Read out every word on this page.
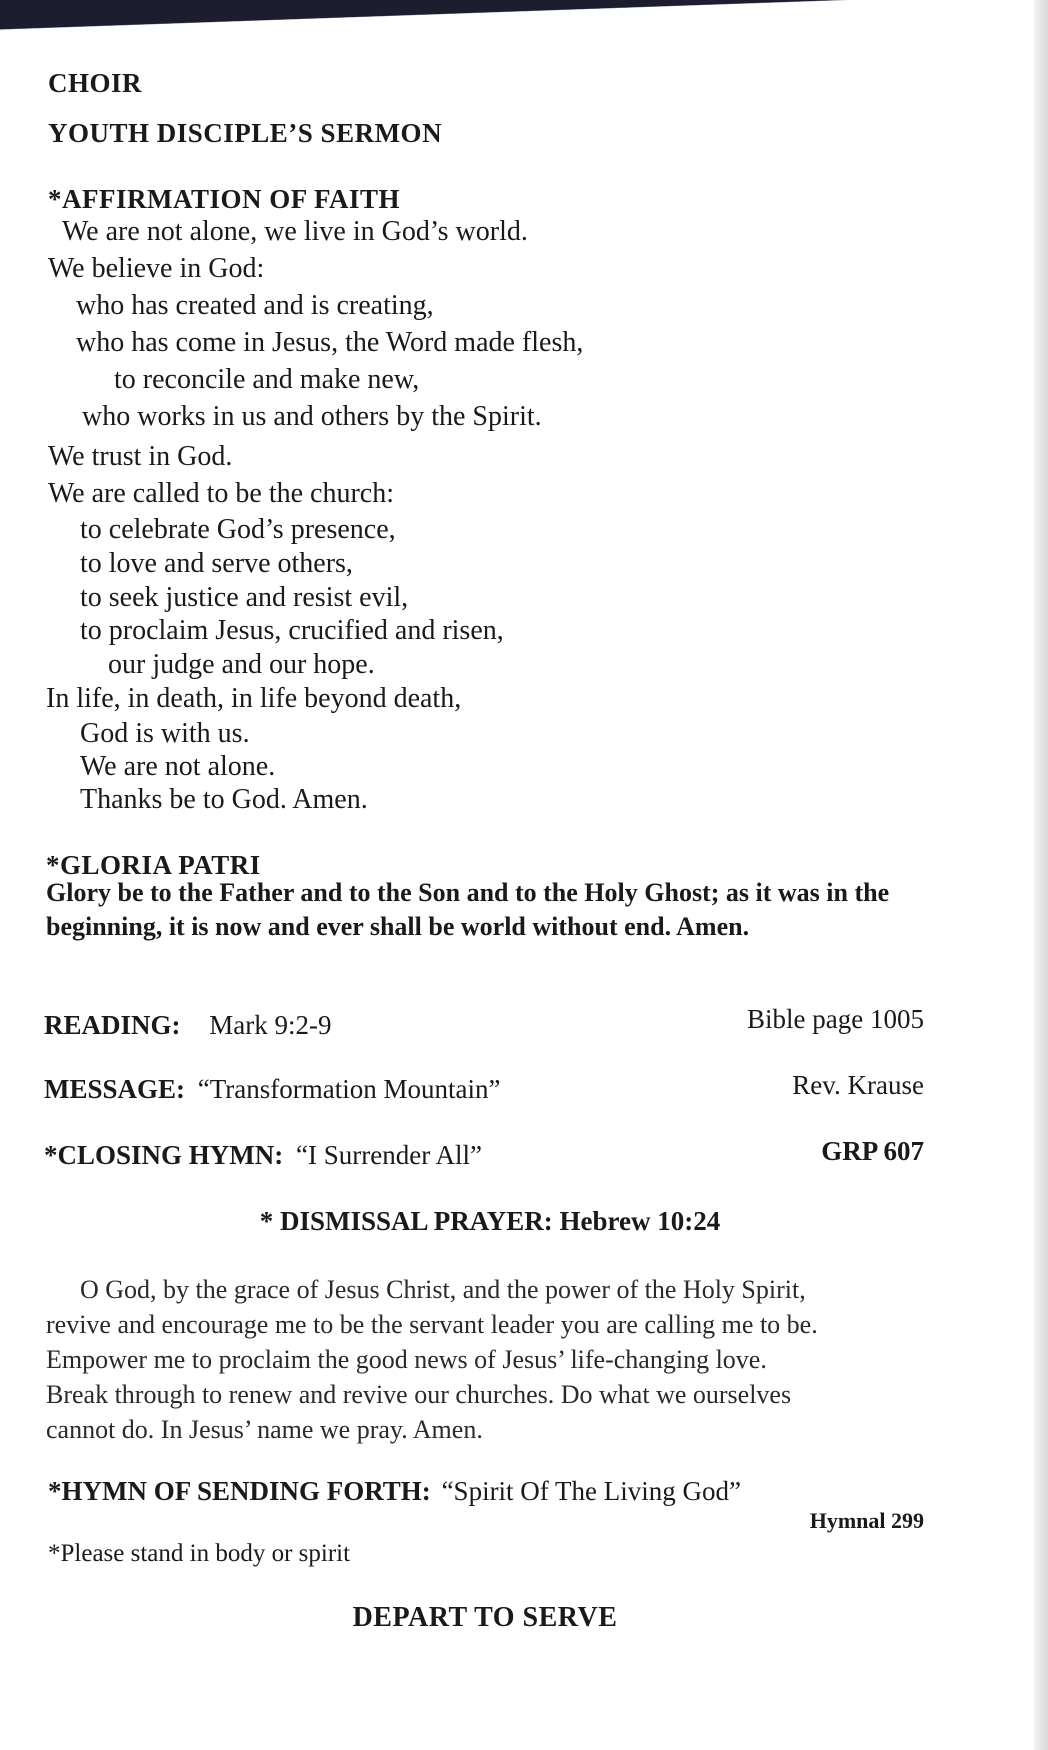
CHOIR
YOUTH DISCIPLE’S SERMON
*AFFIRMATION OF FAITH
We are not alone, we live in God’s world.
We believe in God:
who has created and is creating,
who has come in Jesus, the Word made flesh,
to reconcile and make new,
who works in us and others by the Spirit.
We trust in God.
We are called to be the church:
to celebrate God’s presence,
to love and serve others,
to seek justice and resist evil,
to proclaim Jesus, crucified and risen,
our judge and our hope.
In life, in death, in life beyond death,
God is with us.
We are not alone.
Thanks be to God. Amen.
*GLORIA PATRI
Glory be to the Father and to the Son and to the Holy Ghost; as it was in the beginning, it is now and ever shall be world without end. Amen.
READING: Mark 9:2-9	Bible page 1005
MESSAGE: “Transformation Mountain”	Rev. Krause
*CLOSING HYMN: “I Surrender All”	GRP 607
* DISMISSAL PRAYER: Hebrew 10:24
O God, by the grace of Jesus Christ, and the power of the Holy Spirit,
revive and encourage me to be the servant leader you are calling me to be.
Empower me to proclaim the good news of Jesus’ life-changing love.
Break through to renew and revive our churches. Do what we ourselves
cannot do. In Jesus’ name we pray. Amen.
*HYMN OF SENDING FORTH: “Spirit Of The Living God”
Hymnal 299
*Please stand in body or spirit
DEPART TO SERVE
